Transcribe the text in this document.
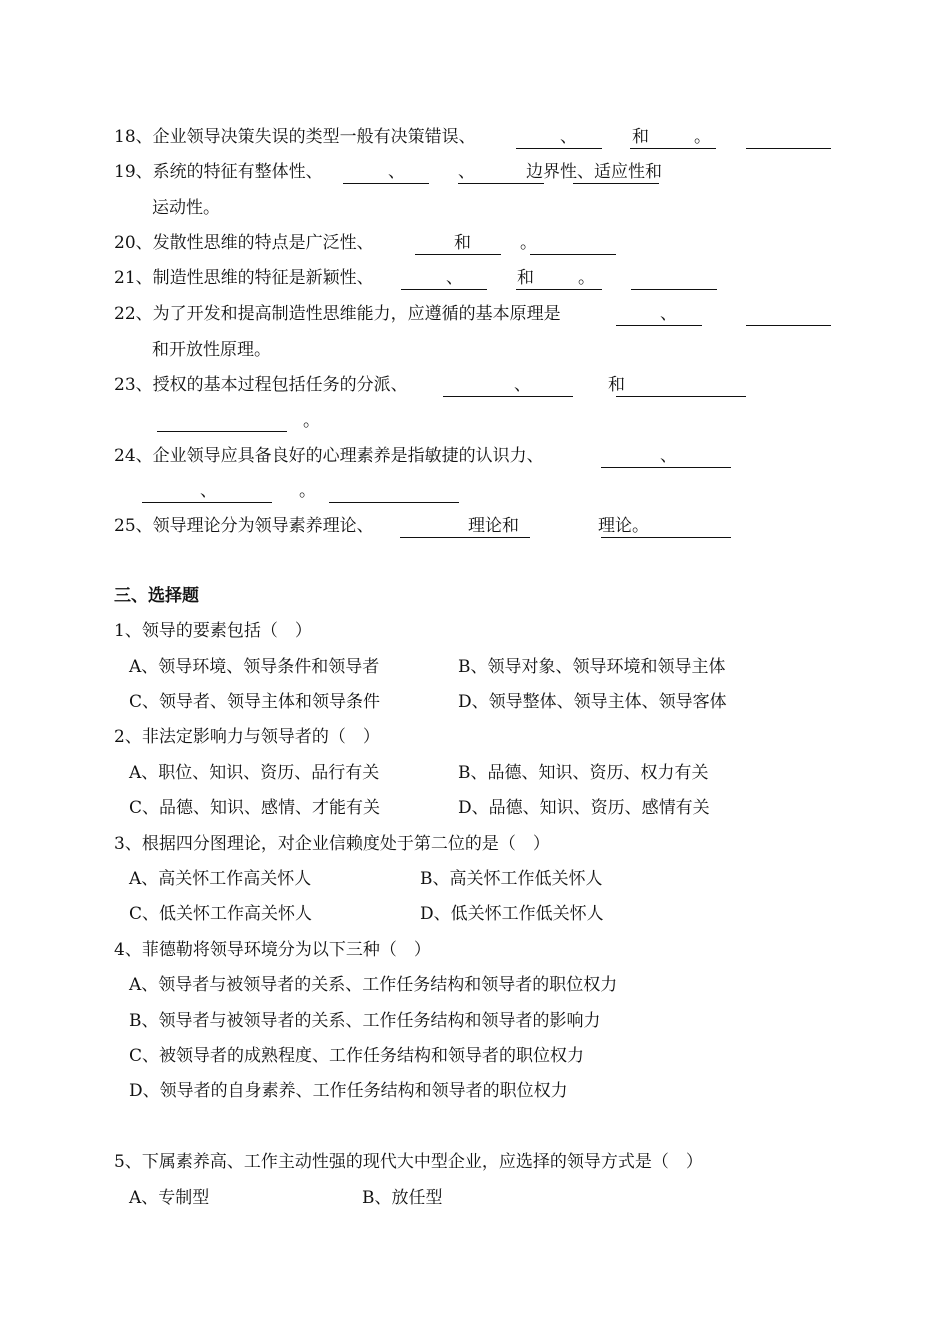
18、企业领导决策失误的类型一般有决策错误、	、	和	。
19、系统的特征有整体性、	、	、	边界性、适应性和
运动性。
20、发散性思维的特点是广泛性、	和	。
21、制造性思维的特征是新颖性、	、	和	。
22、为了开发和提高制造性思维能力，应遵循的基本原理是	、
和开放性原理。
23、授权的基本过程包括任务的分派、	、	和
。
24、企业领导应具备良好的心理素养是指敏捷的认识力、	、
、	。
25、领导理论分为领导素养理论、	理论和	理论。
三、选择题
1、领导的要素包括（　）
A、领导环境、领导条件和领导者	B、领导对象、领导环境和领导主体
C、领导者、领导主体和领导条件	D、领导整体、领导主体、领导客体
2、非法定影响力与领导者的（　）
A、职位、知识、资历、品行有关	B、品德、知识、资历、权力有关
C、品德、知识、感情、才能有关	D、品德、知识、资历、感情有关
3、根据四分图理论，对企业信赖度处于第二位的是（　）
A、高关怀工作高关怀人	B、高关怀工作低关怀人
C、低关怀工作高关怀人	D、低关怀工作低关怀人
4、菲德勒将领导环境分为以下三种（　）
A、领导者与被领导者的关系、工作任务结构和领导者的职位权力
B、领导者与被领导者的关系、工作任务结构和领导者的影响力
C、被领导者的成熟程度、工作任务结构和领导者的职位权力
D、领导者的自身素养、工作任务结构和领导者的职位权力
5、下属素养高、工作主动性强的现代大中型企业，应选择的领导方式是（　）
A、专制型	B、放任型
